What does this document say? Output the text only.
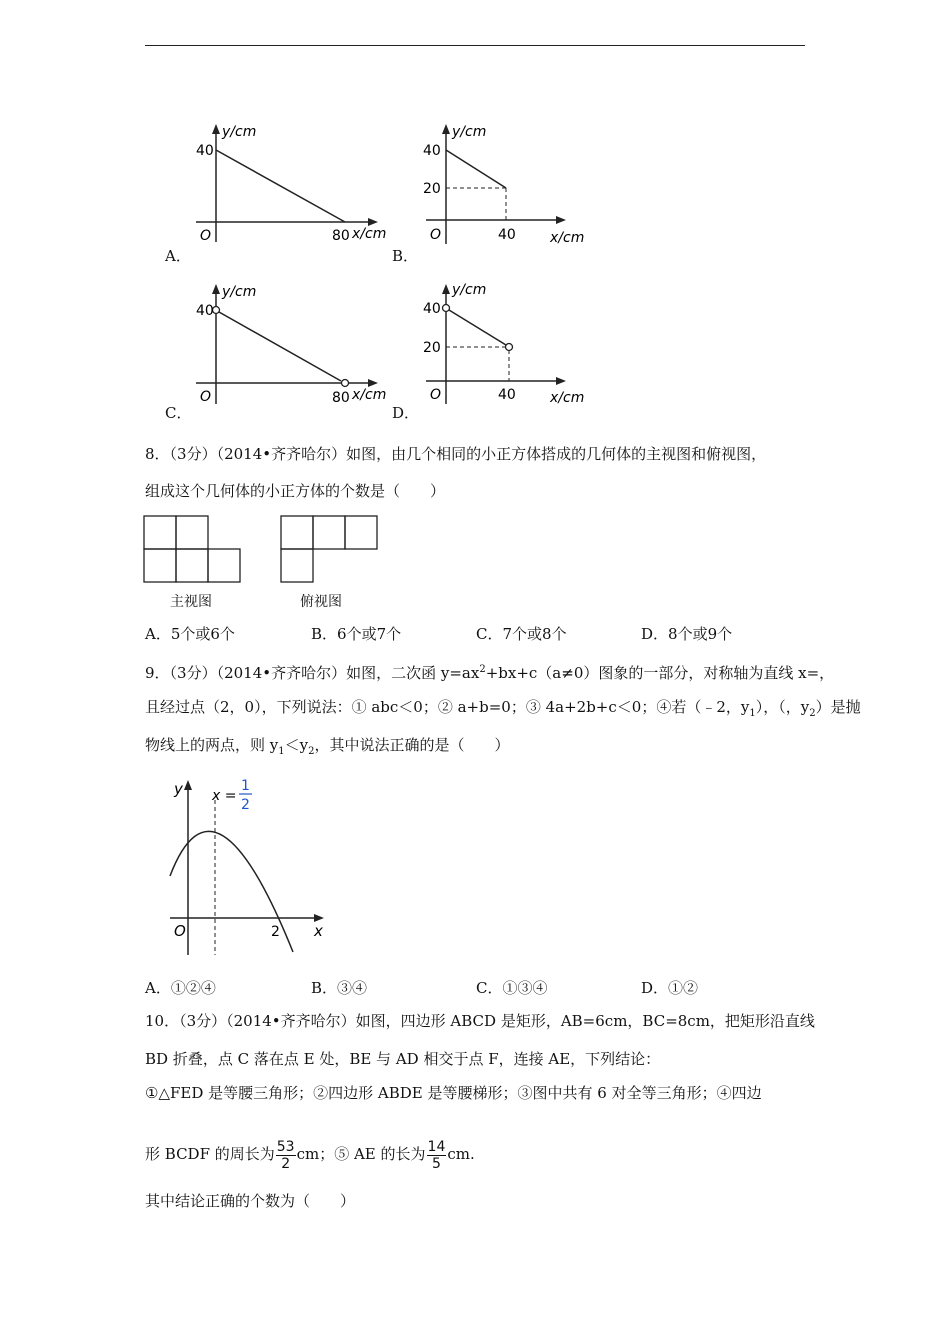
y/cm
40
O	80 x/cm
A．
y/cm
40
20
O	40 x/cm
B．
y/cm
40
O	80 x/cm
C．
y/cm
40
20
O	40 x/cm
D．
8．（3分）（2014•齐齐哈尔）如图，由几个相同的小正方体搭成的几何体的主视图和俯视图，
组成这个几何体的小正方体的个数是（　　）
主视图	俯视图
A．5个或6个	B．6个或7个	C．7个或8个	D．8个或9个
9．（3分）（2014•齐齐哈尔）如图，二次函 $y=ax^2+bx+c(a\ne 0)$图象的一部分，对称轴为直线 x=，
且经过点（2，0），下列说法：① abc＜0；② a+b=0；③ 4a+2b+c＜0；④若（﹣2，$y_1$），（，$y_2$）是抛
物线上的两点，则 $y_1<y_2$，其中说法正确的是（　　）
y
x
O	2
x =
1
2
A．①②④	B．③④	C．①③④	D．①②
10．（3分）（2014•齐齐哈尔）如图，四边形 ABCD 是矩形，AB=6cm，BC=8cm，把矩形沿直线
BD 折叠，点 C 落在点 E 处，BE 与 AD 相交于点 F，连接 AE，下列结论：
①△FED 是等腰三角形；②四边形 ABDE 是等腰梯形；③图中共有 6 对全等三角形；④四边
形 BCDF 的周长为 $\frac{53}{2}$ cm；⑤ AE 的长为 $\frac{14}{5}$ cm.
其中结论正确的个数为（　　）
